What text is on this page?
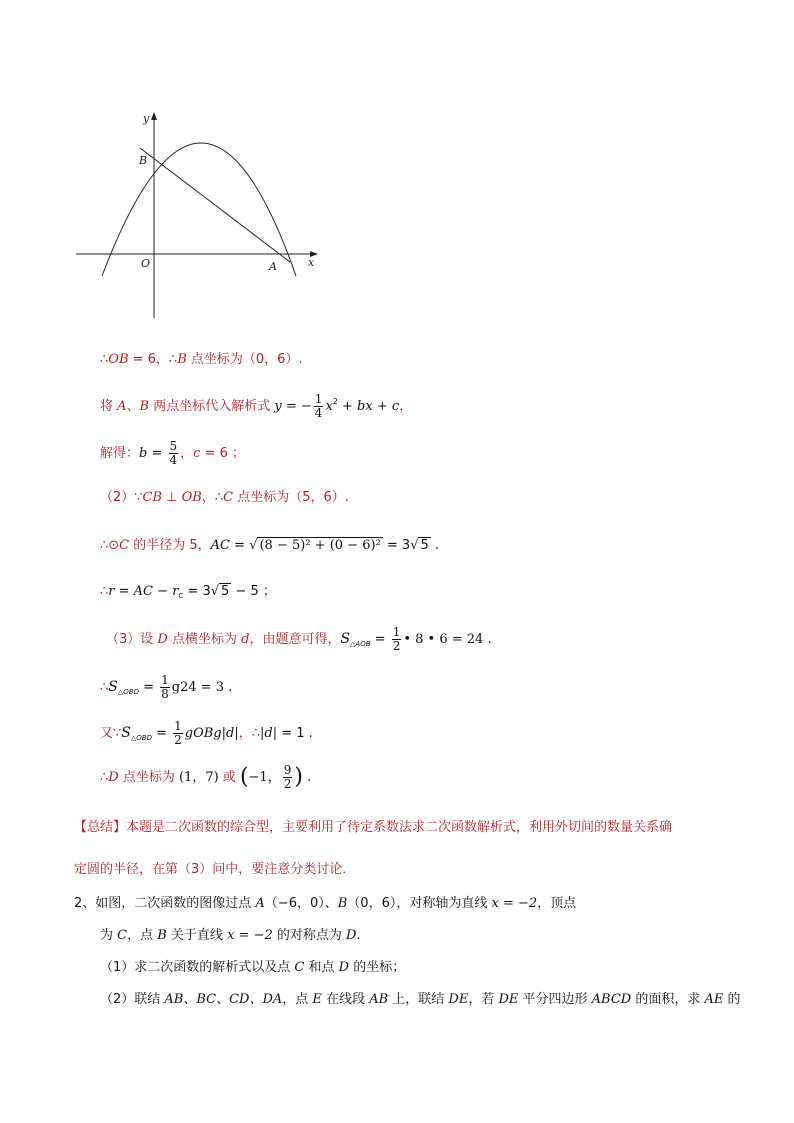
y
x
B
O	A
∴OB = 6，∴B 点坐标为（0，6）.
将 A、B 两点坐标代入解析式 y = − $\frac{1}{4} x^2$ + bx + c，
解得：$b = \frac{5}{4}$ ，c = 6 ；
（2）∵CB ⊥ OB，∴C 点坐标为（5，6）.
∴⊙C 的半径为 5，AC = √ (8 − 5)² + (0 − 6)² = 3√ 5 .
∴r = AC − $r_C = 3√$ 5 − 5 ；
（3）设 D 点横坐标为 d，由题意可得，$S_{\triangle AOB} = \frac{1}{2}$ • 8 • 6 = 24 .
$\therefore S_{\triangle OBD} = \frac{1}{8} g24 = 3$ .
又$\because S_{\triangle OBD} = \frac{1}{2}$ gOBg|d|，∴|d| = 1 .
∴D 点坐标为 (1，7) 或 (−1， $\frac{9}{2}$ ) .
【总结】本题是二次函数的综合型，主要利用了待定系数法求二次函数解析式，利用外切间的数量关系确
定圆的半径，在第（3）问中，要注意分类讨论．
2、如图，二次函数的图像过点 A（−6，0）、B（0，6），对称轴为直线 x = −2，顶点
为 C，点 B 关于直线 x = −2 的对称点为 D.
（1）求二次函数的解析式以及点 C 和点 D 的坐标；
（2）联结 AB、BC、CD、DA，点 E 在线段 AB 上，联结 DE，若 DE 平分四边形 ABCD 的面积，求 AE 的
